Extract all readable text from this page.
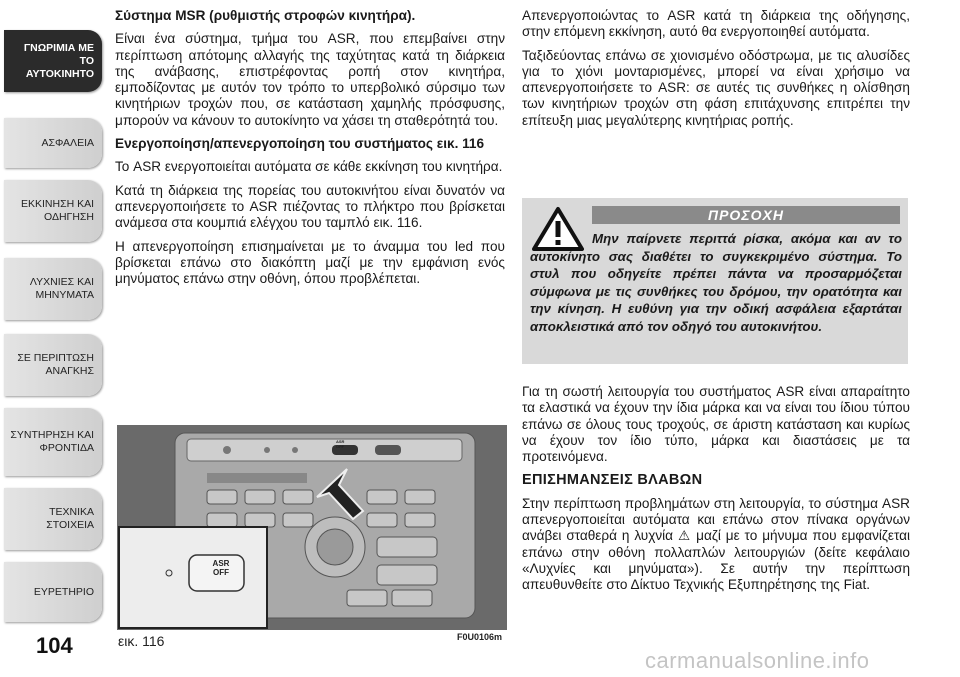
ΓΝΩΡΙΜΙΑ ΜΕ ΤΟ
ΑΥΤΟΚΙΝΗΤΟ
ΑΣΦΑΛΕΙΑ
ΕΚΚΙΝΗΣΗ ΚΑΙ
ΟΔΗΓΗΣΗ
ΛΥΧΝΙΕΣ ΚΑΙ
ΜΗΝΥΜΑΤΑ
ΣΕ ΠΕΡΙΠΤΩΣΗ
ΑΝΑΓΚΗΣ
ΣΥΝΤΗΡΗΣΗ ΚΑΙ
ΦΡΟΝΤΙΔΑ
ΤΕΧΝΙΚΑ ΣΤΟΙΧΕΙΑ
ΕΥΡΕΤΗΡΙΟ
104

Σύστημα MSR (ρυθμιστής στροφών κινητήρα).

Είναι ένα σύστημα, τμήμα του ASR, που επεμβαίνει στην περίπτωση απότομης αλλαγής της ταχύτητας κατά τη διάρκεια της ανάβασης, επιστρέφοντας ροπή στον κινητήρα, εμποδίζοντας με αυτόν τον τρόπο το υπερβολικό σύρσιμο των κινητήριων τροχών που, σε κατάσταση χαμηλής πρόσφυσης, μπορούν να κάνουν το αυτοκίνητο να χάσει τη σταθερότητά του.

Ενεργοποίηση/απενεργοποίηση του συστήματος εικ. 116

Το ASR ενεργοποιείται αυτόματα σε κάθε εκκίνηση του κινητήρα.

Κατά τη διάρκεια της πορείας του αυτοκινήτου είναι δυνατόν να απενεργοποιήσετε το ASR πιέζοντας το πλήκτρο που βρίσκεται ανάμεσα στα κουμπιά ελέγχου του ταμπλό εικ. 116.

Η απενεργοποίηση επισημαίνεται με το άναμμα του led που βρίσκεται επάνω στο διακόπτη μαζί με την εμφάνιση ενός μηνύματος επάνω στην οθόνη, όπου προβλέπεται.

ASR
OFF
ASR
OFF
εικ. 116	F0U0106m

Απενεργοποιώντας το ASR κατά τη διάρκεια της οδήγησης, στην επόμενη εκκίνηση, αυτό θα ενεργοποιηθεί αυτόματα.

Ταξιδεύοντας επάνω σε χιονισμένο οδόστρωμα, με τις αλυσίδες για το χιόνι μονταρισμένες, μπορεί να είναι χρήσιμο να απενεργοποιήσετε το ASR: σε αυτές τις συνθήκες η ολίσθηση των κινητήριων τροχών στη φάση επιτάχυνσης επιτρέπει την επίτευξη μιας μεγαλύτερης κινητήριας ροπής.

ΠΡΟΣΟΧΗ
Μην παίρνετε περιττά ρίσκα, ακόμα και αν το αυτοκίνητο σας διαθέτει το συγκεκριμένο σύστημα. Το στυλ που οδηγείτε πρέπει πάντα να προσαρμόζεται σύμφωνα με τις συνθήκες του δρόμου, την ορατότητα και την κίνηση. Η ευθύνη για την οδική ασφάλεια εξαρτάται αποκλειστικά από τον οδηγό του αυτοκινήτου.

Για τη σωστή λειτουργία του συστήματος ASR είναι απαραίτητο τα ελαστικά να έχουν την ίδια μάρκα και να είναι του ίδιου τύπου επάνω σε όλους τους τροχούς, σε άριστη κατάσταση και κυρίως να έχουν τον ίδιο τύπο, μάρκα και διαστάσεις με τα προτεινόμενα.

ΕΠΙΣΗΜΑΝΣΕΙΣ ΒΛΑΒΩΝ

Στην περίπτωση προβλημάτων στη λειτουργία, το σύστημα ASR απενεργοποιείται αυτόματα και επάνω στον πίνακα οργάνων ανάβει σταθερά η λυχνία ⚠ μαζί με το μήνυμα που εμφανίζεται επάνω στην οθόνη πολλαπλών λειτουργιών (δείτε κεφάλαιο «Λυχνίες και μηνύματα»). Σε αυτήν την περίπτωση απευθυνθείτε στο Δίκτυο Τεχνικής Εξυπηρέτησης της Fiat.

carmanualsonline.info
